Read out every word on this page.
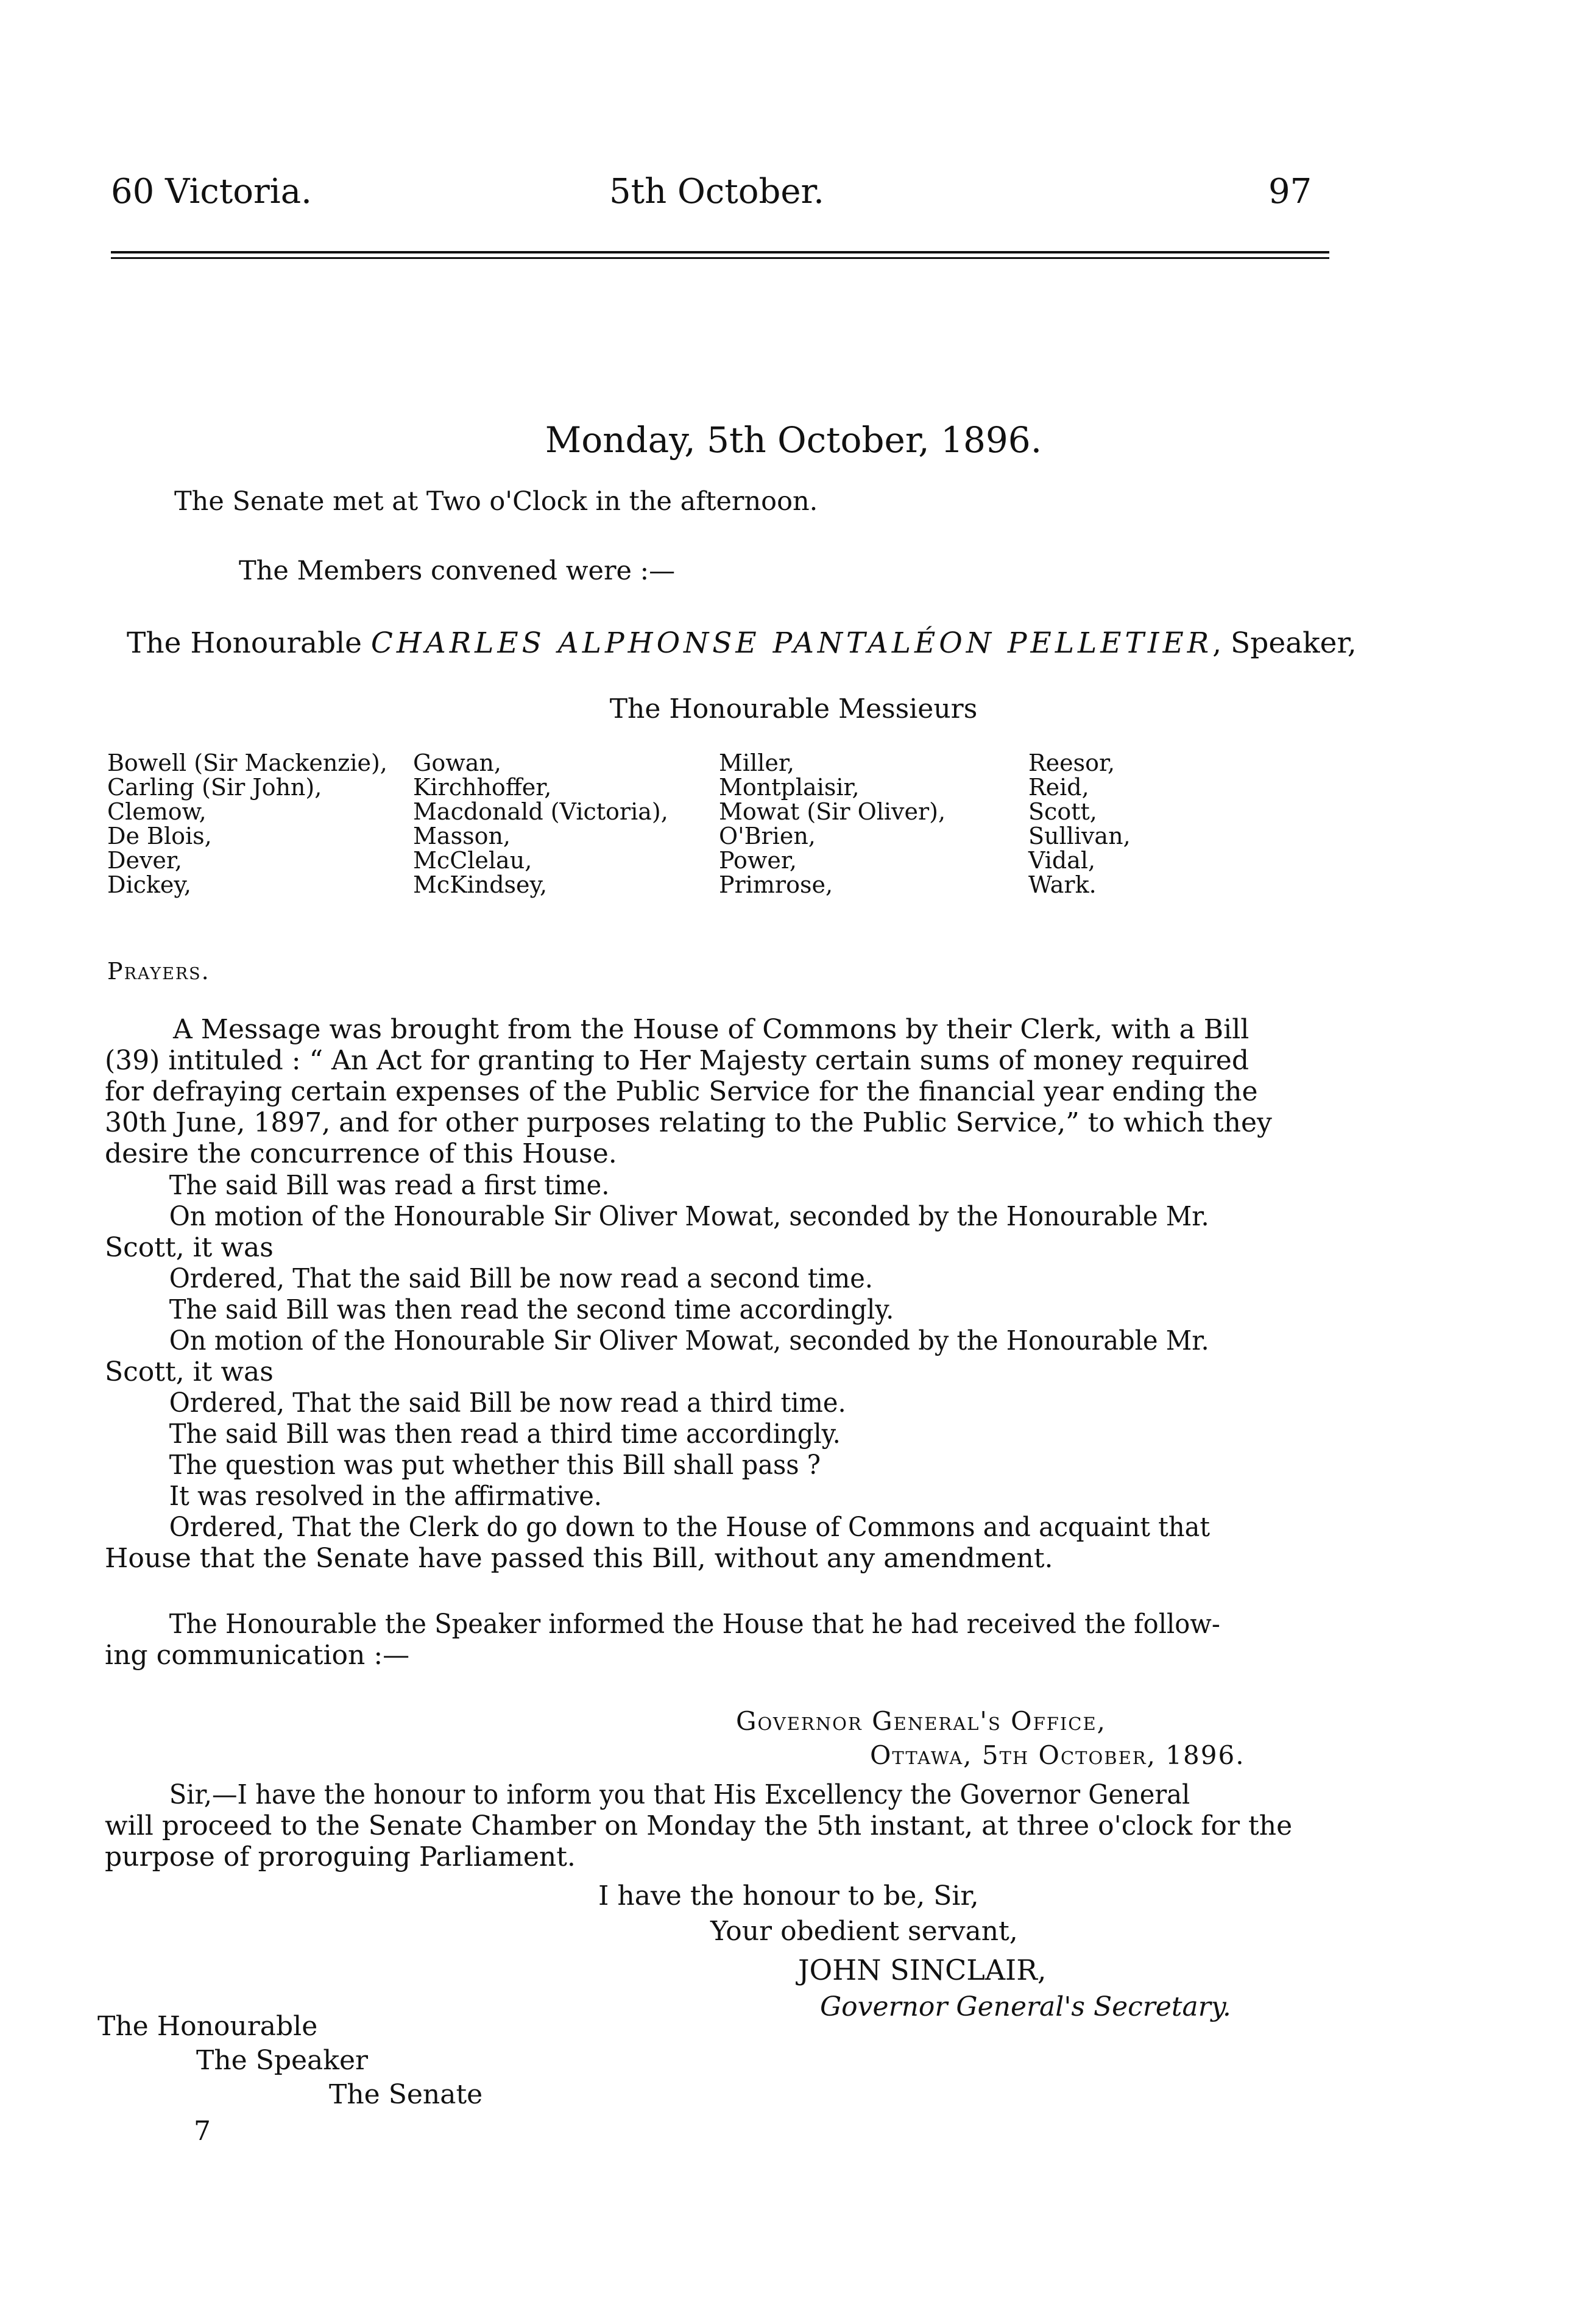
60 Victoria.	5th October.	97
Monday, 5th October, 1896.
The Senate met at Two o'Clock in the afternoon.
The Members convened were :—
The Honourable CHARLES ALPHONSE PANTALÉON PELLETIER, Speaker,
The Honourable Messieurs
Bowell (Sir Mackenzie),
Carling (Sir John),
Clemow,
De Blois,
Dever,
Dickey,
Gowan,
Kirchhoffer,
Macdonald (Victoria),
Masson,
McClelau,
McKindsey,
Miller,
Montplaisir,
Mowat (Sir Oliver),
O'Brien,
Power,
Primrose,
Reesor,
Reid,
Scott,
Sullivan,
Vidal,
Wark.
Prayers.
A Message was brought from the House of Commons by their Clerk, with a Bill
(39) intituled : “ An Act for granting to Her Majesty certain sums of money required
for defraying certain expenses of the Public Service for the financial year ending the
30th June, 1897, and for other purposes relating to the Public Service,” to which they
desire the concurrence of this House.
The said Bill was read a first time. On motion of the Honourable Sir Oliver Mowat, seconded by the Honourable Mr.
Scott, it was
Ordered, That the said Bill be now read a second time. The said Bill was then read the second time accordingly. On motion of the Honourable Sir Oliver Mowat, seconded by the Honourable Mr.
Scott, it was
Ordered, That the said Bill be now read a third time. The said Bill was then read a third time accordingly. The question was put whether this Bill shall pass ? It was resolved in the affirmative. Ordered, That the Clerk do go down to the House of Commons and acquaint that
House that the Senate have passed this Bill, without any amendment.
The Honourable the Speaker informed the House that he had received the follow-
ing communication :—
Governor General's Office,
Ottawa, 5th October, 1896.
Sir,—I have the honour to inform you that His Excellency the Governor General
will proceed to the Senate Chamber on Monday the 5th instant, at three o'clock for the
purpose of proroguing Parliament.
I have the honour to be, Sir,
Your obedient servant,
JOHN SINCLAIR,
Governor General's Secretary.
The Honourable
The Speaker
The Senate
7
